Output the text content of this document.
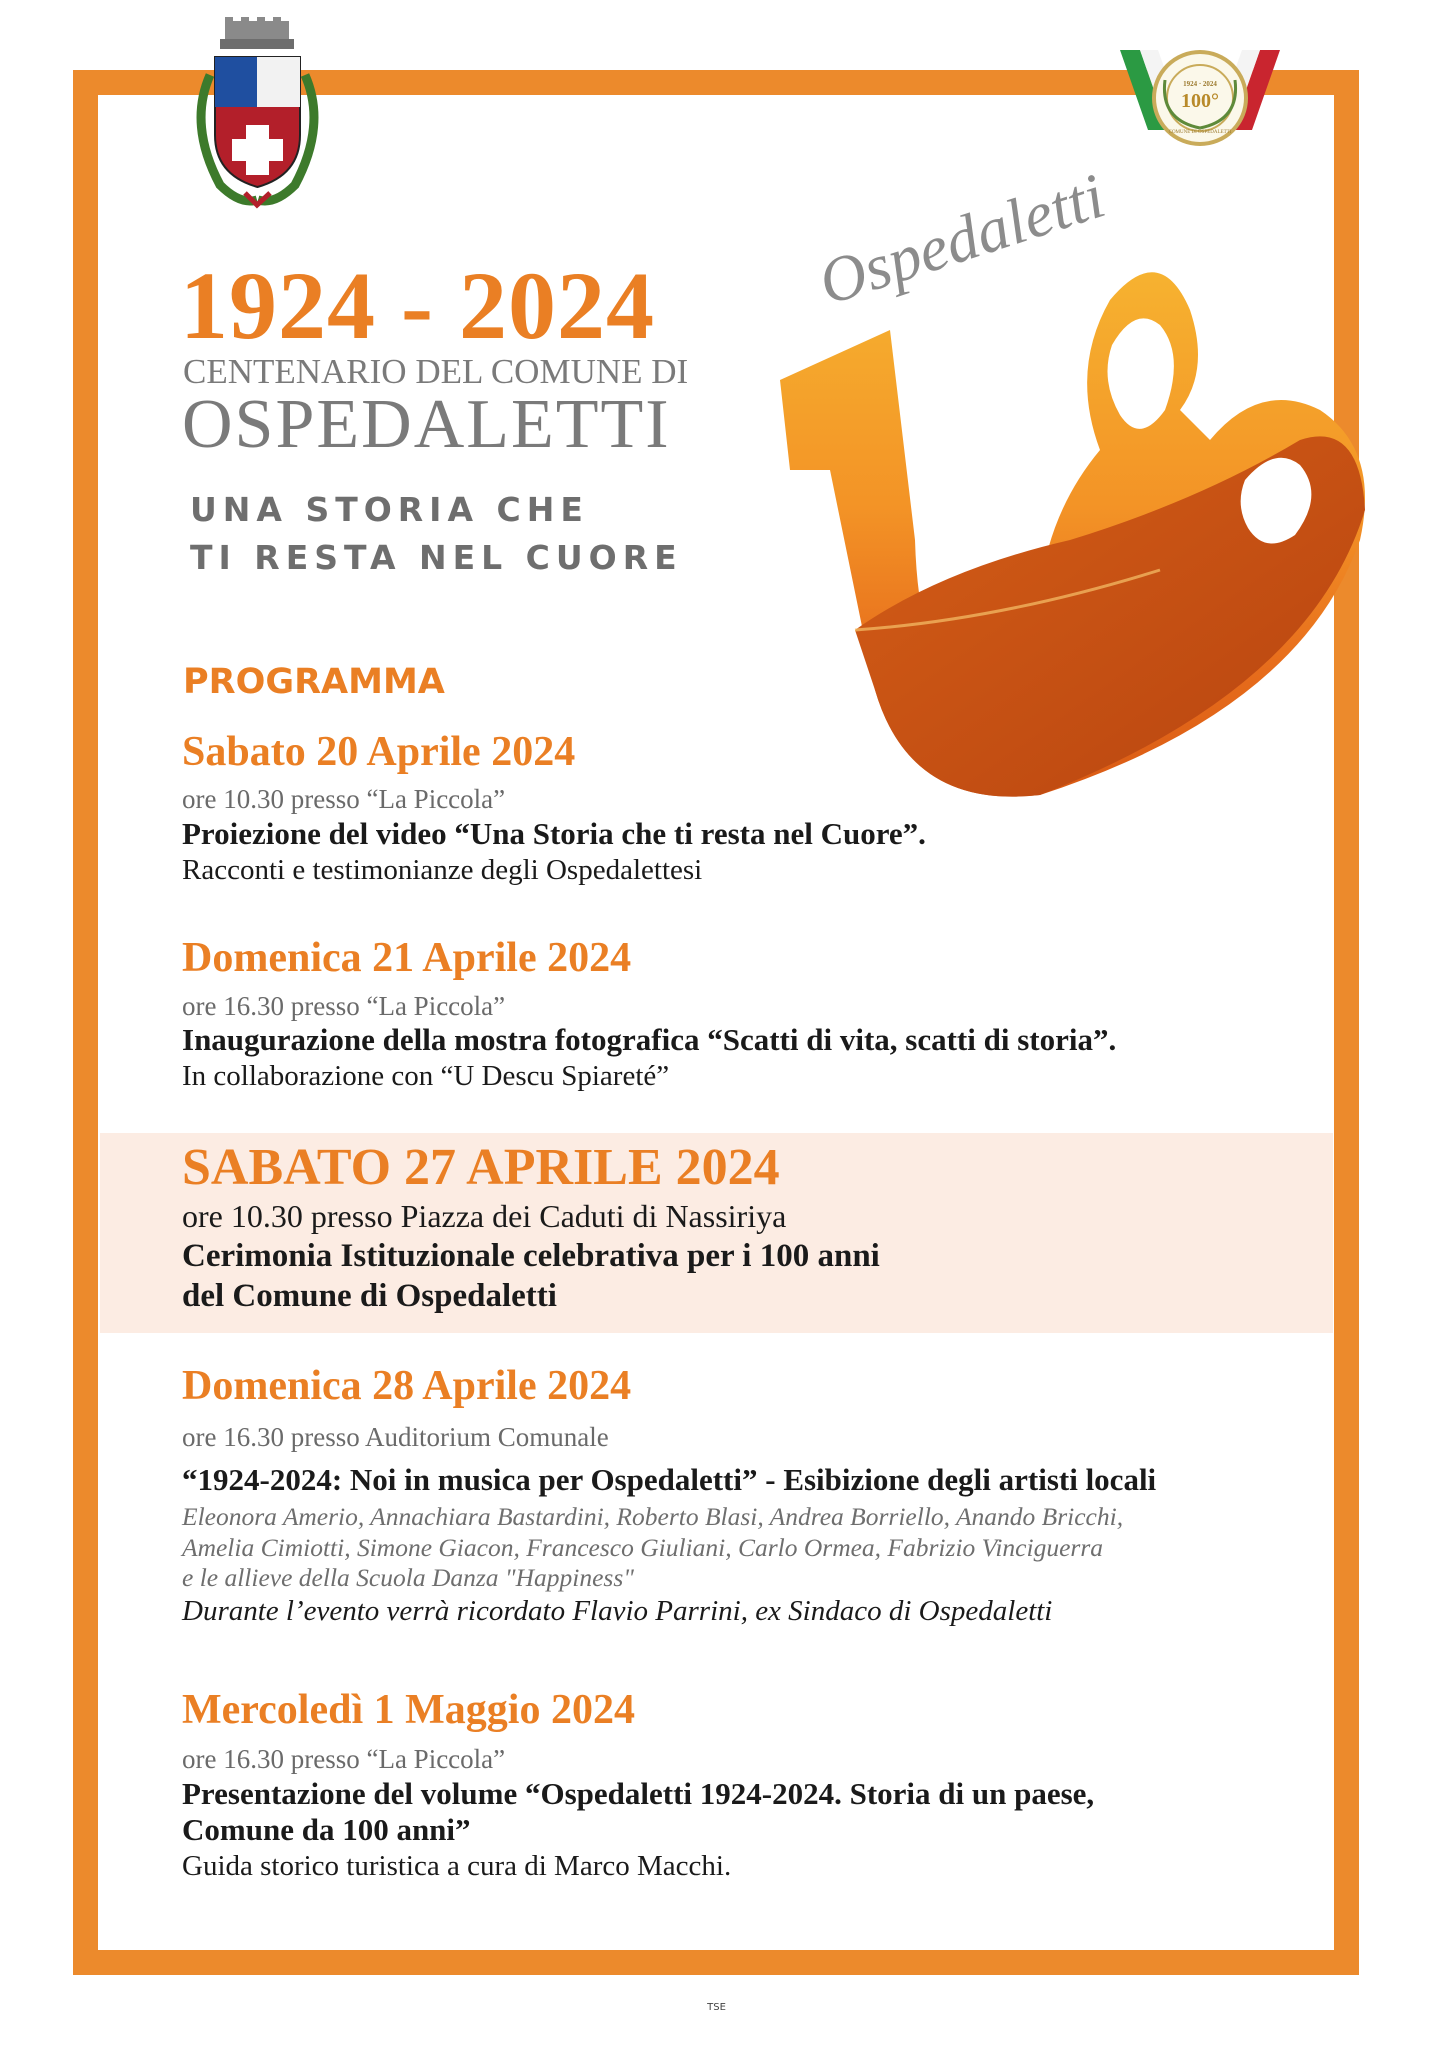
1924 · 2024
100°
COMUNE DI OSPEDALETTI
1924 - 2024
CENTENARIO DEL COMUNE DI
OSPEDALETTI
UNA STORIA CHE
TI RESTA NEL CUORE
Ospedaletti
PROGRAMMA
Sabato 20 Aprile 2024
ore 10.30 presso “La Piccola”
Proiezione del video “Una Storia che ti resta nel Cuore”.
Racconti e testimonianze degli Ospedalettesi
Domenica 21 Aprile 2024
ore 16.30 presso “La Piccola”
Inaugurazione della mostra fotografica “Scatti di vita, scatti di storia”.
In collaborazione con “U Descu Spiareté”
SABATO 27 APRILE 2024
ore 10.30 presso Piazza dei Caduti di Nassiriya
Cerimonia Istituzionale celebrativa per i 100 anni
del Comune di Ospedaletti
Domenica 28 Aprile 2024
ore 16.30 presso Auditorium Comunale
“1924-2024: Noi in musica per Ospedaletti” - Esibizione degli artisti locali
Eleonora Amerio, Annachiara Bastardini, Roberto Blasi, Andrea Borriello, Anando Bricchi,
Amelia Cimiotti, Simone Giacon, Francesco Giuliani, Carlo Ormea, Fabrizio Vinciguerra
e le allieve della Scuola Danza "Happiness"
Durante l’evento verrà ricordato Flavio Parrini, ex Sindaco di Ospedaletti
Mercoledì 1 Maggio 2024
ore 16.30 presso “La Piccola”
Presentazione del volume “Ospedaletti 1924-2024. Storia di un paese,
Comune da 100 anni”
Guida storico turistica a cura di Marco Macchi.
TSE
